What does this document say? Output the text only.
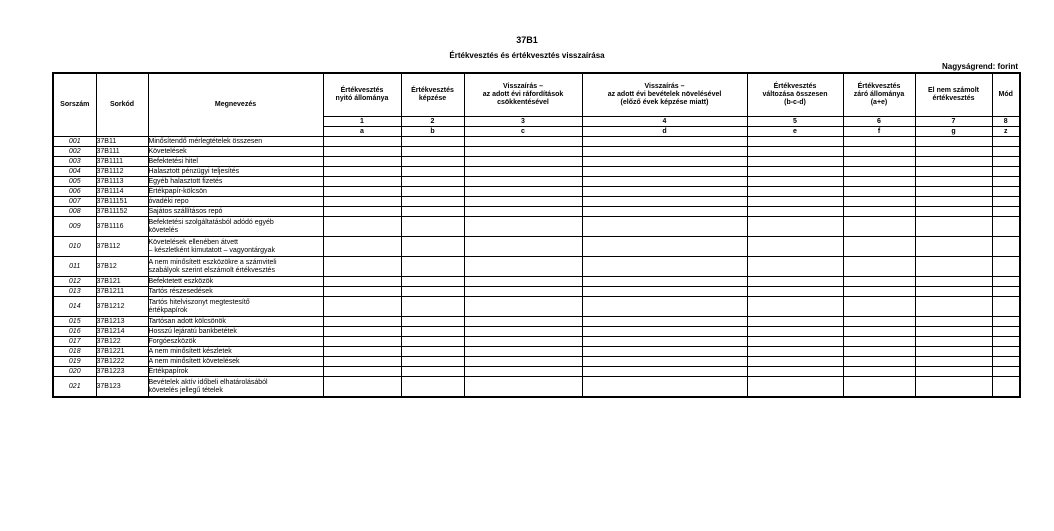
37B1
Értékvesztés és értékvesztés visszaírása
Nagyságrend: forint
Sorszám	Sorkód	Megnevezés	Értékvesztés
nyitó állománya	Értékvesztés
képzése	Visszaírás –
az adott évi ráfordítások
csökkentésével	Visszaírás –
az adott évi bevételek növelésével
(előző évek képzése miatt)	Értékvesztés
változása összesen
(b-c-d)	Értékvesztés
záró állománya
(a+e)	El nem számolt
értékvesztés	Mód
			1	2	3	4	5	6	7	8
			a	b	c	d	e	f	g	z
001	37B11	Minősítendő mérlegtételek összesen								
002	37B111	Követelések								
003	37B1111	Befektetési hitel								
004	37B1112	Halasztott pénzügyi teljesítés								
005	37B1113	Egyéb halasztott fizetés								
006	37B1114	Értékpapír-kölcsön								
007	37B11151	óvadéki repo								
008	37B11152	Sajátos szállításos repó								
009	37B1116	Befektetési szolgáltatásból adódó egyéb
követelés								
010	37B112	Követelések ellenében átvett
– készletként kimutatott – vagyontárgyak								
011	37B12	A nem minősített eszközökre a számviteli
szabályok szerint elszámolt értékvesztés								
012	37B121	Befektetett eszközök								
013	37B1211	Tartós részesedések								
014	37B1212	Tartós hitelviszonyt megtestesítő
értékpapírok								
015	37B1213	Tartósan adott kölcsönök								
016	37B1214	Hosszú lejáratú bankbetétek								
017	37B122	Forgóeszközök								
018	37B1221	A nem minősített készletek								
019	37B1222	A nem minősített követelések								
020	37B1223	Értékpapírok								
021	37B123	Bevételek aktív időbeli elhatárolásából
követelés jellegű tételek								
